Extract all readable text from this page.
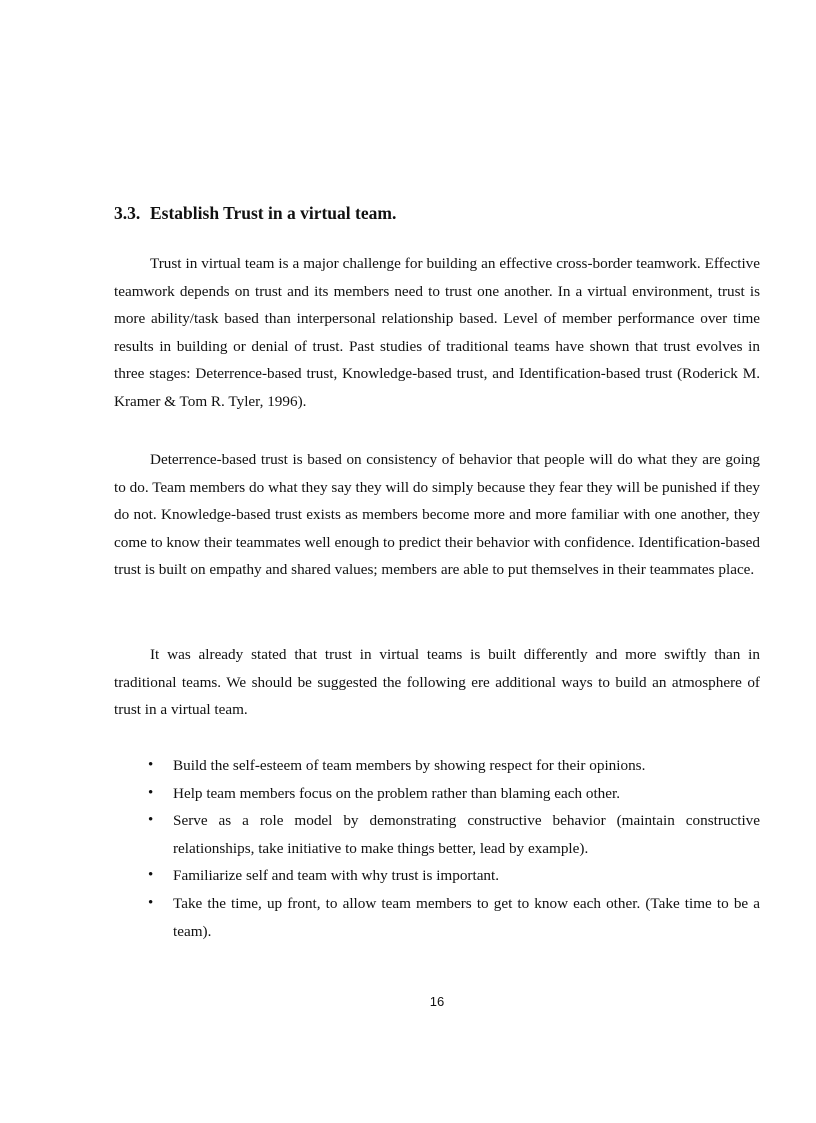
3.3. Establish Trust in a virtual team.

Trust in virtual team is a major challenge for building an effective cross-border teamwork. Effective teamwork depends on trust and its members need to trust one another. In a virtual environment, trust is more ability/task based than interpersonal relationship based. Level of member performance over time results in building or denial of trust. Past studies of traditional teams have shown that trust evolves in three stages: Deterrence-based trust, Knowledge-based trust, and Identification-based trust (Roderick M. Kramer & Tom R. Tyler, 1996).

Deterrence-based trust is based on consistency of behavior that people will do what they are going to do. Team members do what they say they will do simply because they fear they will be punished if they do not. Knowledge-based trust exists as members become more and more familiar with one another, they come to know their teammates well enough to predict their behavior with confidence. Identification-based trust is built on empathy and shared values; members are able to put themselves in their teammates place.

It was already stated that trust in virtual teams is built differently and more swiftly than in traditional teams. We should be suggested the following ere additional ways to build an atmosphere of trust in a virtual team.

• Build the self-esteem of team members by showing respect for their opinions.
• Help team members focus on the problem rather than blaming each other.
• Serve as a role model by demonstrating constructive behavior (maintain constructive relationships, take initiative to make things better, lead by example).
• Familiarize self and team with why trust is important.
• Take the time, up front, to allow team members to get to know each other. (Take time to be a team).
16
